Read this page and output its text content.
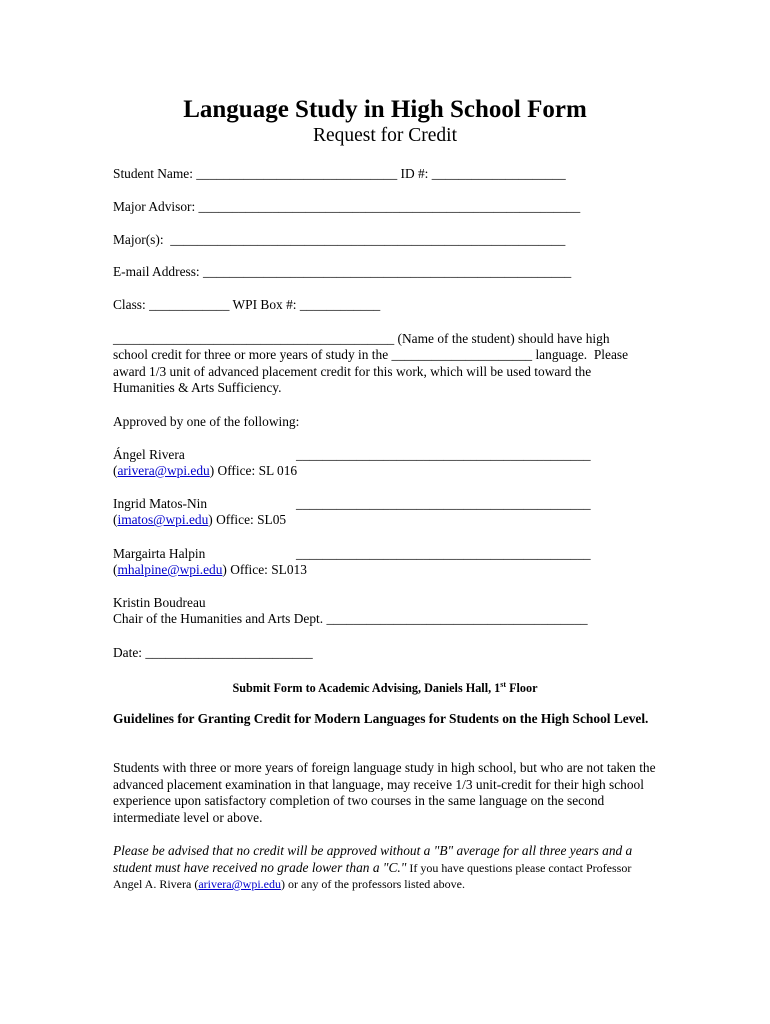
Language Study in High School Form
Request for Credit
Student Name: ______________________________ ID #: ____________________
Major Advisor: _________________________________________________________
Major(s):  ___________________________________________________________
E-mail Address: _______________________________________________________
Class: ____________ WPI Box #: ____________
__________________________________________ (Name of the student) should have high
school credit for three or more years of study in the _____________________ language.  Please
award 1/3 unit of advanced placement credit for this work, which will be used toward the
Humanities & Arts Sufficiency.
Approved by one of the following:
Ángel Rivera	____________________________________________
(arivera@wpi.edu) Office: SL 016
Ingrid Matos-Nin	____________________________________________
(imatos@wpi.edu) Office: SL05
Margairta Halpin	____________________________________________
(mhalpine@wpi.edu) Office: SL013
Kristin Boudreau
Chair of the Humanities and Arts Dept. _______________________________________
Date: _________________________
Submit Form to Academic Advising, Daniels Hall, 1st Floor
Guidelines for Granting Credit for Modern Languages for Students on the High School Level.
Students with three or more years of foreign language study in high school, but who are not taken the advanced placement examination in that language, may receive 1/3 unit-credit for their high school experience upon satisfactory completion of two courses in the same language on the second intermediate level or above.
Please be advised that no credit will be approved without a "B" average for all three years and a student must have received no grade lower than a "C." If you have questions please contact Professor Angel A. Rivera (arivera@wpi.edu) or any of the professors listed above.
